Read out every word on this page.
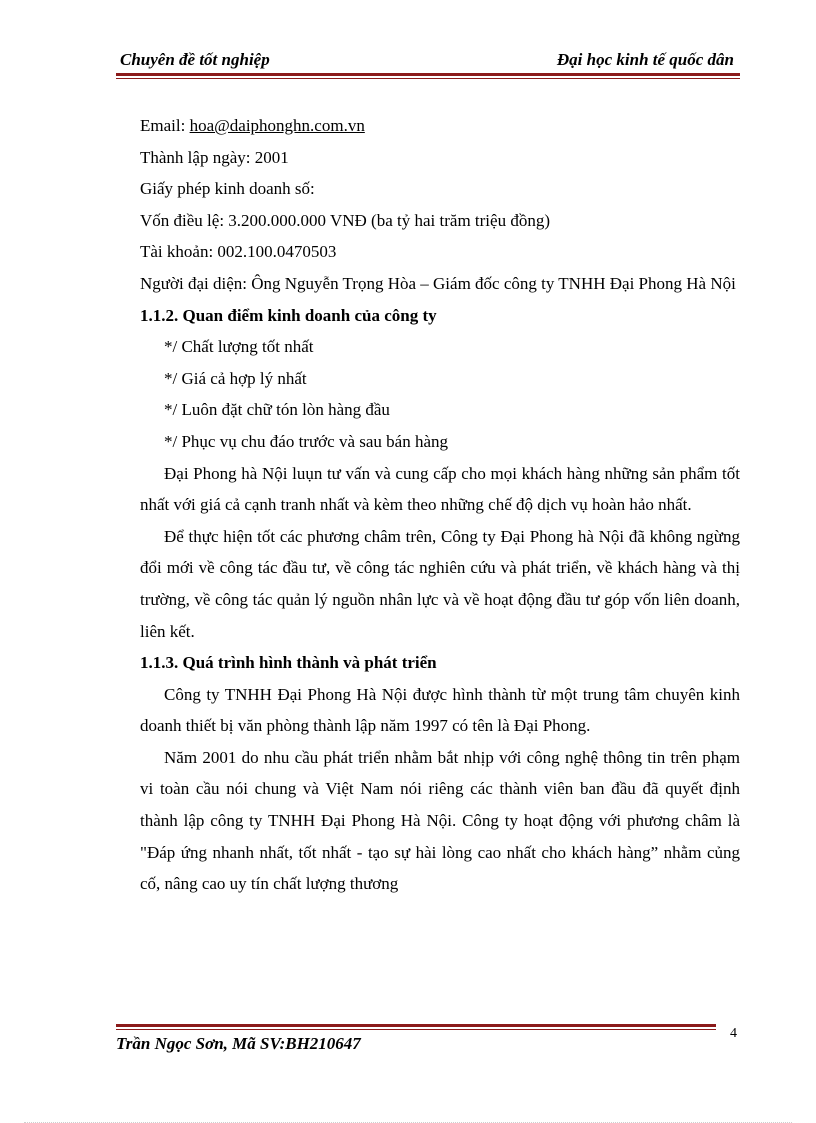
Chuyên đề tốt nghiệp	Đại học kinh tế quốc dân

Email: hoa@daiphonghn.com.vn

Thành lập ngày: 2001

Giấy phép kinh doanh số:

Vốn điều lệ: 3.200.000.000 VNĐ (ba tỷ hai trăm triệu đồng)

Tài khoản: 002.100.0470503

Người đại diện: Ông Nguyễn Trọng Hòa – Giám đốc công ty TNHH Đại Phong Hà Nội

1.1.2. Quan điểm kinh doanh của công ty

*/ Chất lượng tốt nhất

*/ Giá cả hợp lý nhất

*/ Luôn đặt chữ tón lòn hàng đầu

*/ Phục vụ chu đáo trước và sau bán hàng

Đại Phong hà Nội luụn tư vấn và cung cấp cho mọi khách hàng những sản phẩm tốt nhất với giá cả cạnh tranh nhất và kèm theo những chế độ dịch vụ hoàn hảo nhất.

Để thực hiện tốt các phương châm trên, Công ty Đại Phong hà Nội đã không ngừng đổi mới về công tác đầu tư, về công tác nghiên cứu và phát triển, về khách hàng và thị trường, về công tác quản lý nguồn nhân lực và về hoạt động đầu tư góp vốn liên doanh, liên kết.

1.1.3. Quá trình hình thành và phát triển

Công ty TNHH Đại Phong Hà Nội được hình thành từ một trung tâm chuyên kinh doanh thiết bị văn phòng thành lập năm 1997 có tên là Đại Phong.

Năm 2001 do nhu cầu phát triển nhằm bắt nhịp với công nghệ thông tin trên phạm vi toàn cầu nói chung và Việt Nam nói riêng các thành viên ban đầu đã quyết định thành lập công ty TNHH Đại Phong Hà Nội. Công ty hoạt động với phương châm là "Đáp ứng nhanh nhất, tốt nhất - tạo sự hài lòng cao nhất cho khách hàng” nhằm củng cố, nâng cao uy tín chất lượng thương

Trần Ngọc Sơn, Mã SV:BH210647
4
